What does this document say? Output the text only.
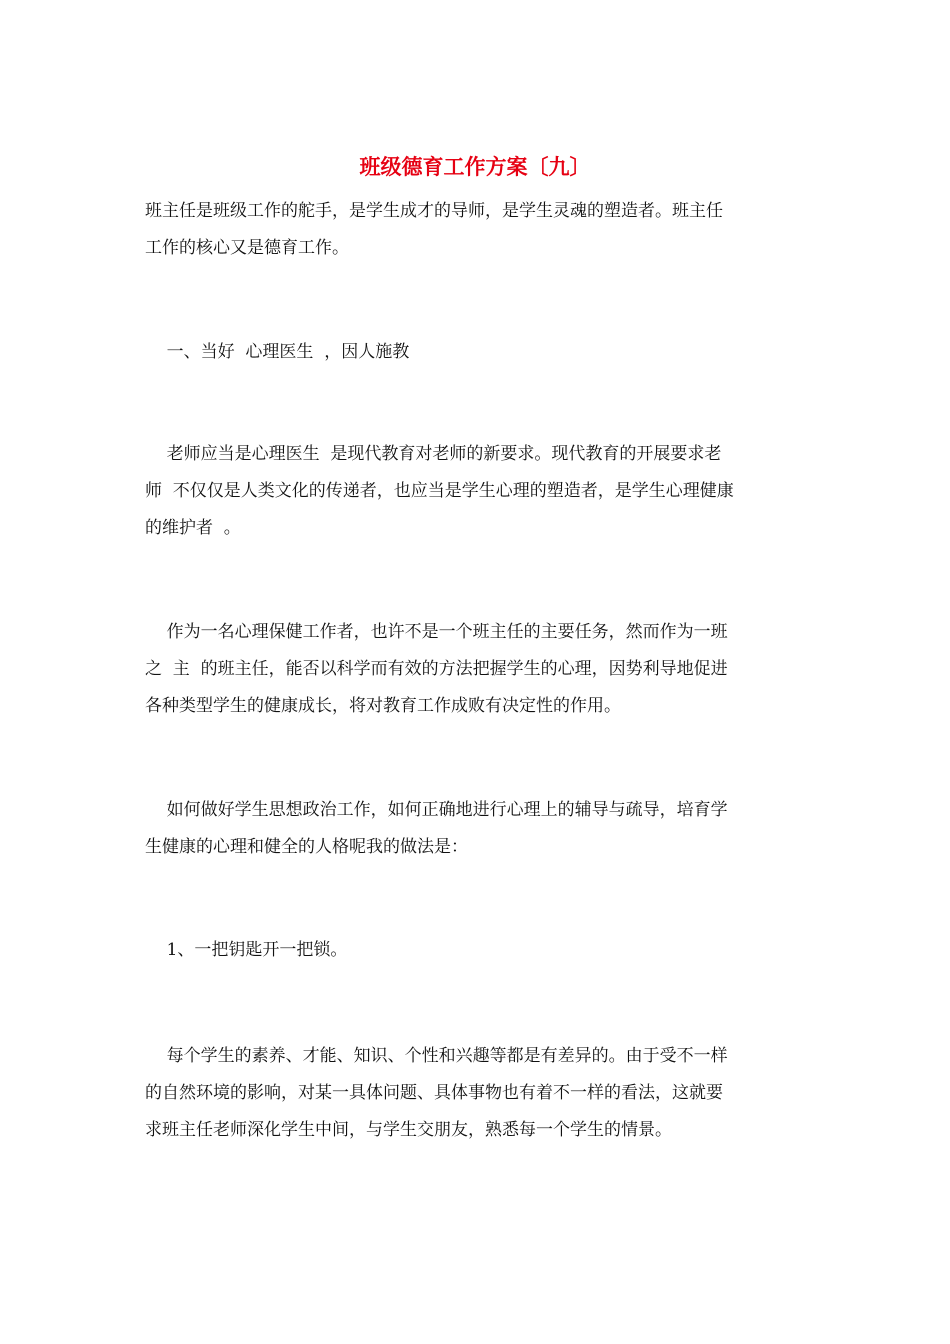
班级德育工作方案〔九〕

班主任是班级工作的舵手，是学生成才的导师，是学生灵魂的塑造者。班主任
工作的核心又是德育工作。

一、当好  心理医生  ，因人施教

老师应当是心理医生  是现代教育对老师的新要求。现代教育的开展要求老
师  不仅仅是人类文化的传递者，也应当是学生心理的塑造者，是学生心理健康
的维护者  。

作为一名心理保健工作者，也许不是一个班主任的主要任务，然而作为一班
之  主  的班主任，能否以科学而有效的方法把握学生的心理，因势利导地促进
各种类型学生的健康成长，将对教育工作成败有决定性的作用。

如何做好学生思想政治工作，如何正确地进行心理上的辅导与疏导，培育学
生健康的心理和健全的人格呢我的做法是：

1、一把钥匙开一把锁。

每个学生的素养、才能、知识、个性和兴趣等都是有差异的。由于受不一样
的自然环境的影响，对某一具体问题、具体事物也有着不一样的看法，这就要
求班主任老师深化学生中间，与学生交朋友，熟悉每一个学生的情景。
